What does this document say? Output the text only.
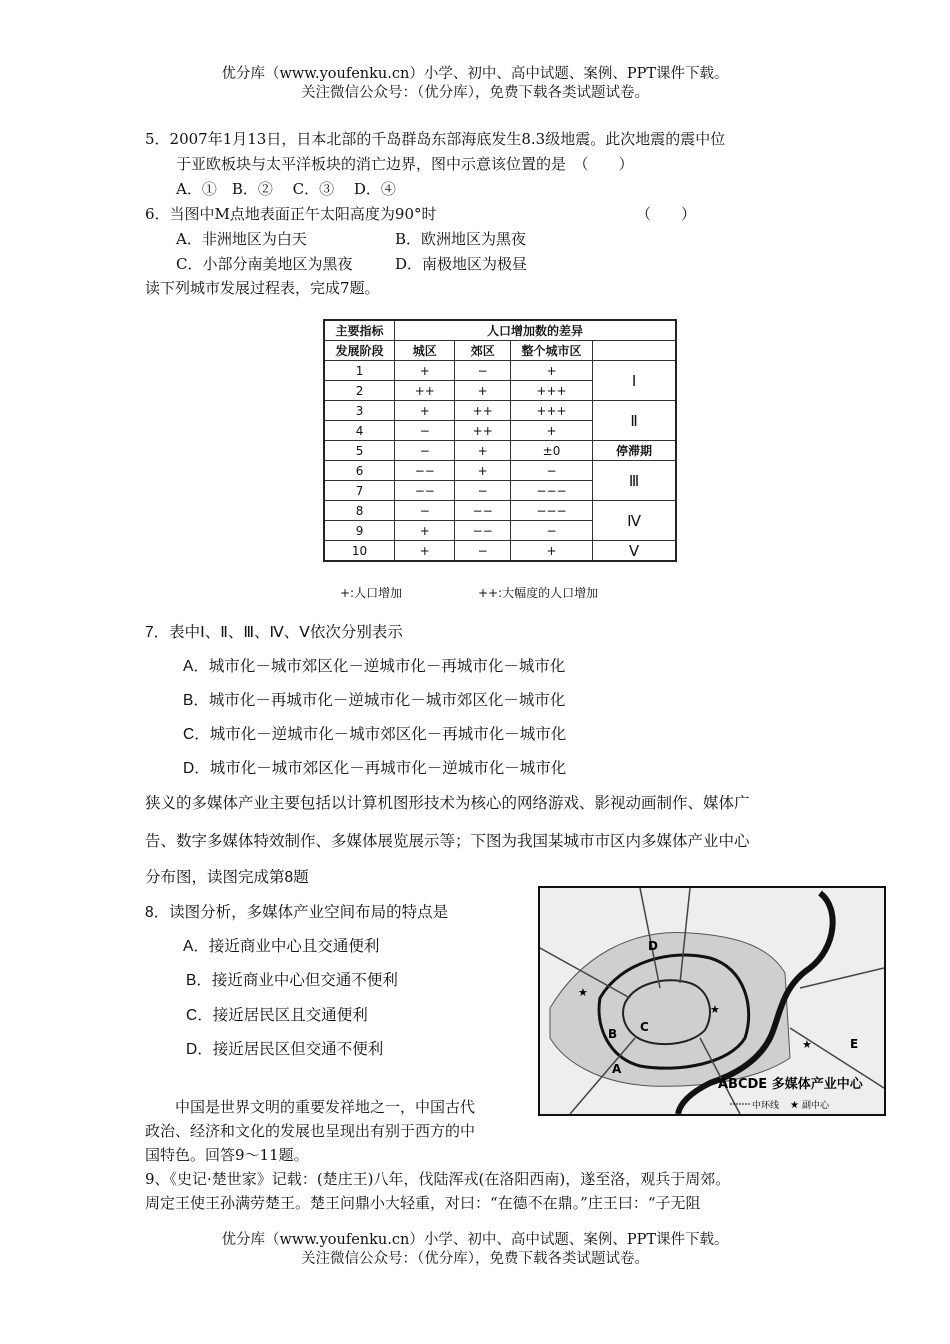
优分库（www.youfenku.cn）小学、初中、高中试题、案例、PPT课件下载。
关注微信公众号：（优分库），免费下载各类试题试卷。
5．2007年1月13日，日本北部的千岛群岛东部海底发生8.3级地震。此次地震的震中位
于亚欧板块与太平洋板块的消亡边界，图中示意该位置的是　（　　）
A．①　B．②　 C．③　 D．④
6．当图中M点地表面正午太阳高度为90°时	（　　）
A．非洲地区为白天	B．欧洲地区为黑夜
C．小部分南美地区为黑夜	D．南极地区为极昼
读下列城市发展过程表，完成7题。
主要指标	人口增加数的差异			
发展阶段	城区	郊区	整个城市区	
1	+	−	+	Ⅰ
2	++	+	+++	
3	+	++	+++	Ⅱ
4	−	++	+	
5	−	+	±0	停滞期
6	−−	+	−	Ⅲ
7	−−	−	−−−	
8	−	−−	−−−	Ⅳ
9	+	−−	−	
10	+	−	+	Ⅴ
+:人口增加	++:大幅度的人口增加
7．表中Ⅰ、Ⅱ、Ⅲ、Ⅳ、Ⅴ依次分别表示
A．城市化－城市郊区化－逆城市化－再城市化－城市化
B．城市化－再城市化－逆城市化－城市郊区化－城市化
C．城市化－逆城市化－城市郊区化－再城市化－城市化
D．城市化－城市郊区化－再城市化－逆城市化－城市化
狭义的多媒体产业主要包括以计算机图形技术为核心的网络游戏、影视动画制作、媒体广
告、数字多媒体特效制作、多媒体展览展示等；下图为我国某城市市区内多媒体产业中心
分布图，读图完成第8题
8．读图分析，多媒体产业空间布局的特点是
A．接近商业中心且交通便利
B．接近商业中心但交通不便利
C．接近居民区且交通便利
D．接近居民区但交通不便利
D
C
B
A
E
★
★
★
ABCDE 多媒体产业中心
中环线 ★ 副中心
中国是世界文明的重要发祥地之一，中国古代
政治、经济和文化的发展也呈现出有别于西方的中
国特色。回答9～11题。
9、《史记·楚世家》记载：(楚庄王)八年，伐陆浑戎(在洛阳西南)，遂至洛，观兵于周郊。
周定王使王孙满劳楚王。楚王问鼎小大轻重，对曰：“在德不在鼎。”庄王曰：“子无阻
优分库（www.youfenku.cn）小学、初中、高中试题、案例、PPT课件下载。
关注微信公众号：（优分库），免费下载各类试题试卷。
